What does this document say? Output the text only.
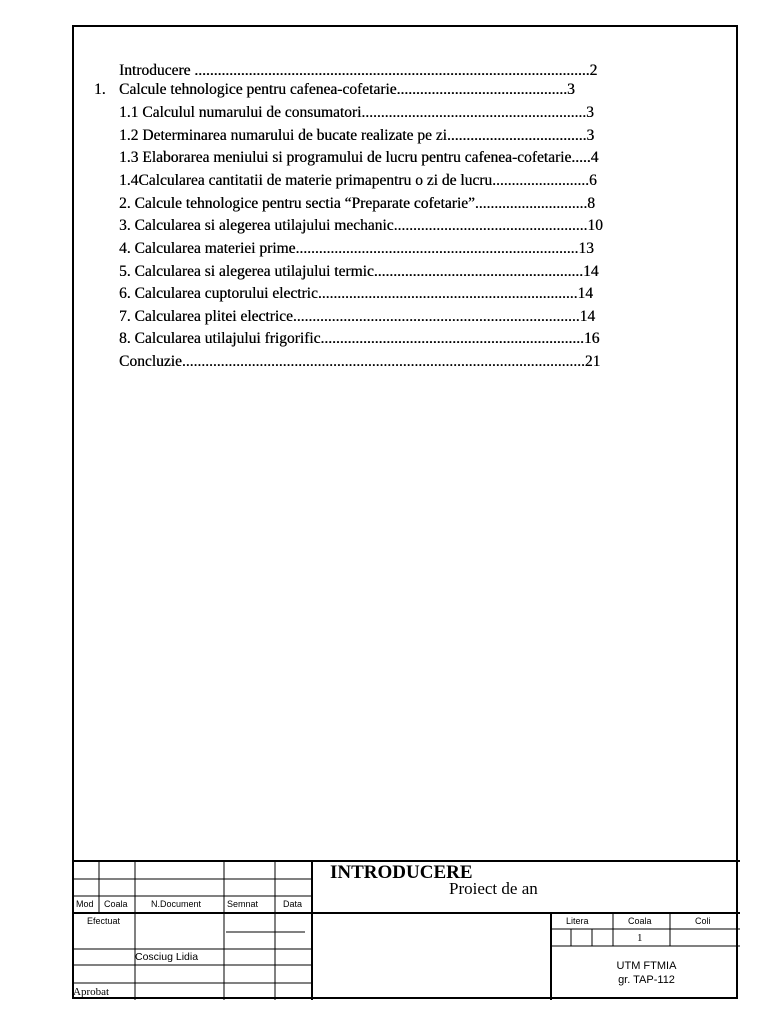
Introducere ......................................................................................................2
1. Calcule tehnologice pentru cafenea-cofetarie............................................3
1.1 Calculul numarului de consumatori..........................................................3
1.2 Determinarea numarului de bucate realizate pe zi....................................3
1.3 Elaborarea meniului si programului de lucru pentru cafenea-cofetarie.....4
1.4Calcularea cantitatii de materie primapentru o zi de lucru.........................6
2. Calcule tehnologice pentru sectia “Preparate cofetarie”.............................8
3. Calcularea si alegerea utilajului mechanic..................................................10
4. Calcularea materiei prime.........................................................................13
5. Calcularea si alegerea utilajului termic......................................................14
6. Calcularea cuptorului electric...................................................................14
7. Calcularea plitei electrice..........................................................................14
8. Calcularea utilajului frigorific....................................................................16
Concluzie........................................................................................................21
Mod Coala	N.Document	Semnat	Data
Efectuat
Cosciug Lidia
Aprobat
INTRODUCERE
Proiect de an
Litera	Coala	Coli
1
UTM FTMIA
gr. TAP-112
